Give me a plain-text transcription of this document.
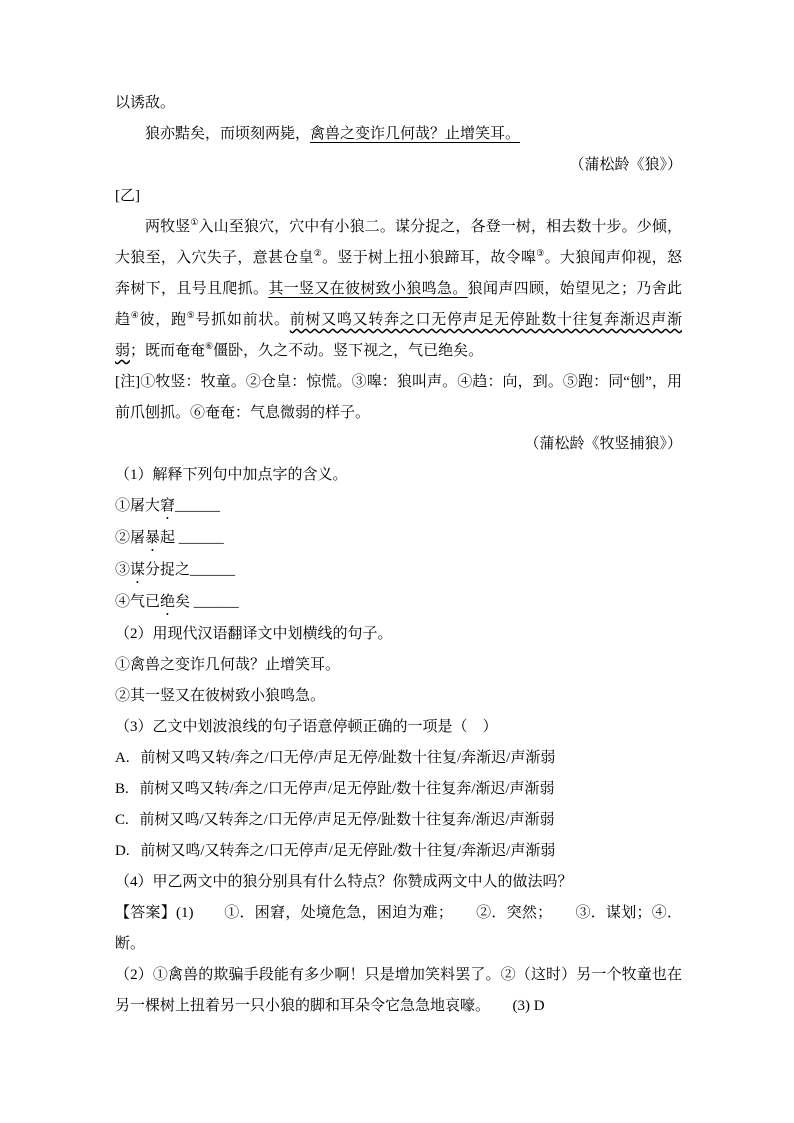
以诱敌。

狼亦黠矣，而顷刻两毙，禽兽之变诈几何哉？止增笑耳。

（蒲松龄《狼》）

[乙]

两牧竖①入山至狼穴，穴中有小狼二。谋分捉之，各登一树，相去数十步。少倾，大狼至，入穴失子，意甚仓皇②。竖于树上扭小狼蹄耳，故令嗥③。大狼闻声仰视，怒奔树下，且号且爬抓。其一竖又在彼树致小狼鸣急。狼闻声四顾，始望见之；乃舍此趋④彼，跑⑤号抓如前状。前树又鸣又转奔之口无停声足无停趾数十往复奔渐迟声渐弱；既而奄奄⑥僵卧，久之不动。竖下视之，气已绝矣。

[注]①牧竖：牧童。②仓皇：惊慌。③嗥：狼叫声。④趋：向，到。⑤跑：同“刨”，用前爪刨抓。⑥奄奄：气息微弱的样子。

（蒲松龄《牧竖捕狼》）

（1）解释下列句中加点字的含义。

①屠大窘______

②屠暴起 ______

③谋分捉之______

④气已绝矣 ______

（2）用现代汉语翻译文中划横线的句子。

①禽兽之变诈几何哉？止增笑耳。

②其一竖又在彼树致小狼鸣急。

（3）乙文中划波浪线的句子语意停顿正确的一项是（　）

A. 前树又鸣又转/奔之/口无停/声足无停/趾数十往复/奔渐迟/声渐弱

B. 前树又鸣又转/奔之/口无停声/足无停趾/数十往复奔/渐迟/声渐弱

C. 前树又鸣/又转奔之/口无停/声足无停/趾数十往复奔/渐迟/声渐弱

D. 前树又鸣/又转奔之/口无停声/足无停趾/数十往复/奔渐迟/声渐弱

（4）甲乙两文中的狼分别具有什么特点？你赞成两文中人的做法吗？

【答案】(1)　　①．困窘，处境危急，困迫为难；　　②．突然；　　③．谋划；④．断。

（2）①禽兽的欺骗手段能有多少啊！只是增加笑料罢了。②（这时）另一个牧童也在另一棵树上扭着另一只小狼的脚和耳朵令它急急地哀嚎。　　(3) D
